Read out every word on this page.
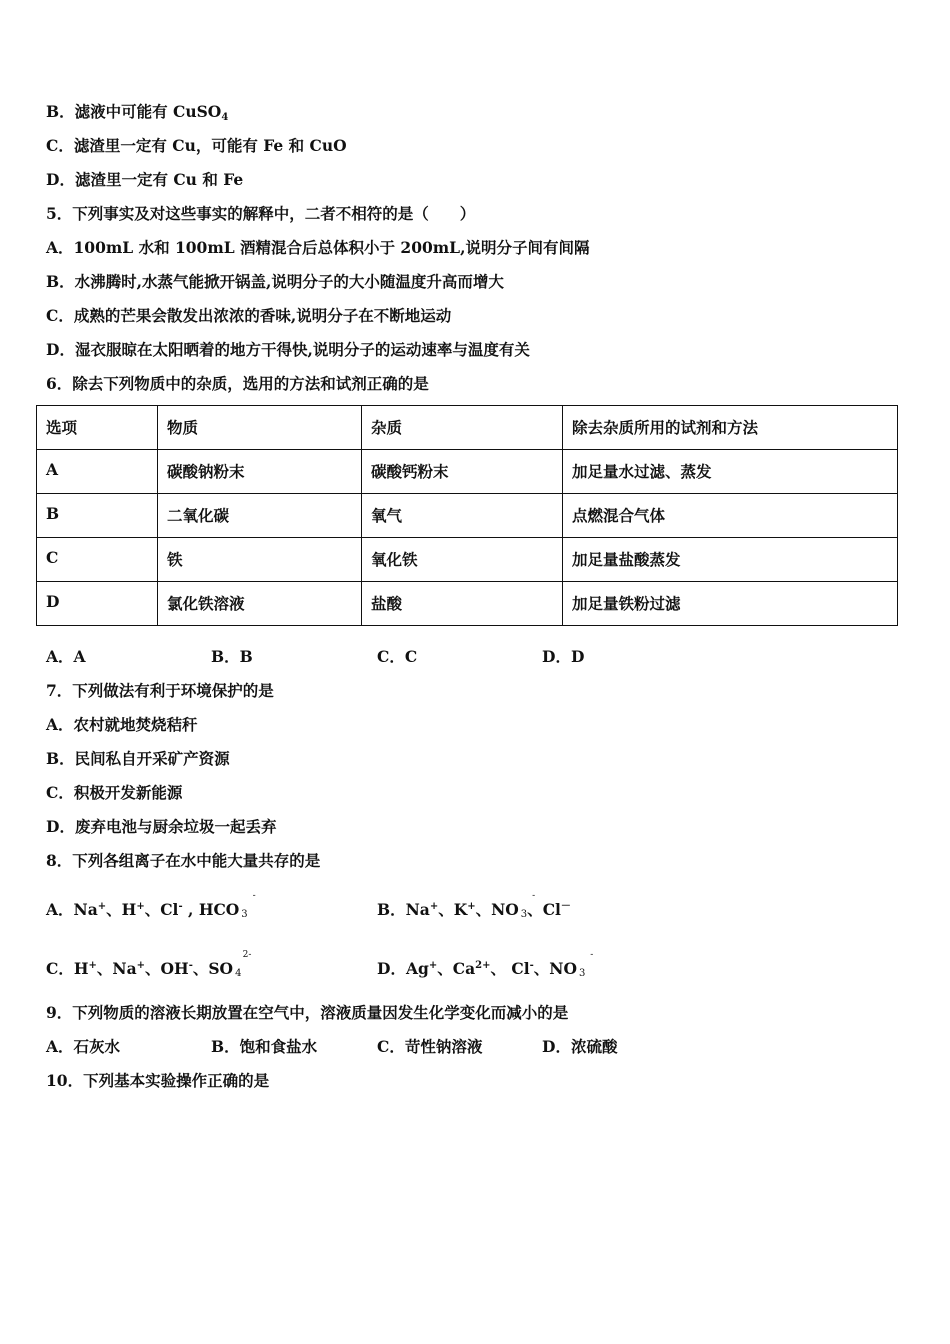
B．滤液中可能有 CuSO$_4$
C．滤渣里一定有 Cu，可能有 Fe 和 CuO
D．滤渣里一定有 Cu 和 Fe
5．下列事实及对这些事实的解释中，二者不相符的是（　　）
A．100mL 水和 100mL 酒精混合后总体积小于 200mL,说明分子间有间隔
B．水沸腾时,水蒸气能掀开锅盖,说明分子的大小随温度升高而增大
C．成熟的芒果会散发出浓浓的香味,说明分子在不断地运动
D．湿衣服晾在太阳晒着的地方干得快,说明分子的运动速率与温度有关
6．除去下列物质中的杂质，选用的方法和试剂正确的是
选项	物质	杂质	除去杂质所用的试剂和方法
A	碳酸钠粉末	碳酸钙粉末	加足量水过滤、蒸发
B	二氧化碳	氧气	点燃混合气体
C	铁	氧化铁	加足量盐酸蒸发
D	氯化铁溶液	盐酸	加足量铁粉过滤
A．A	B．B	C．C	D．D
7．下列做法有利于环境保护的是
A．农村就地焚烧秸秆
B．民间私自开采矿产资源
C．积极开发新能源
D．废弃电池与厨余垃圾一起丢弃
8．下列各组离子在水中能大量共存的是
A．Na+、H+、Cl- , HCO
-
3	B．Na+、K+、NO
-
3、Cl－
C．H+、Na+、OH-、SO
2-
4	D．Ag+、$Ca^{2+}$、 Cl-、NO
-
3
9．下列物质的溶液长期放置在空气中，溶液质量因发生化学变化而减小的是
A．石灰水	B．饱和食盐水	C．苛性钠溶液	D．浓硫酸
10．下列基本实验操作正确的是
